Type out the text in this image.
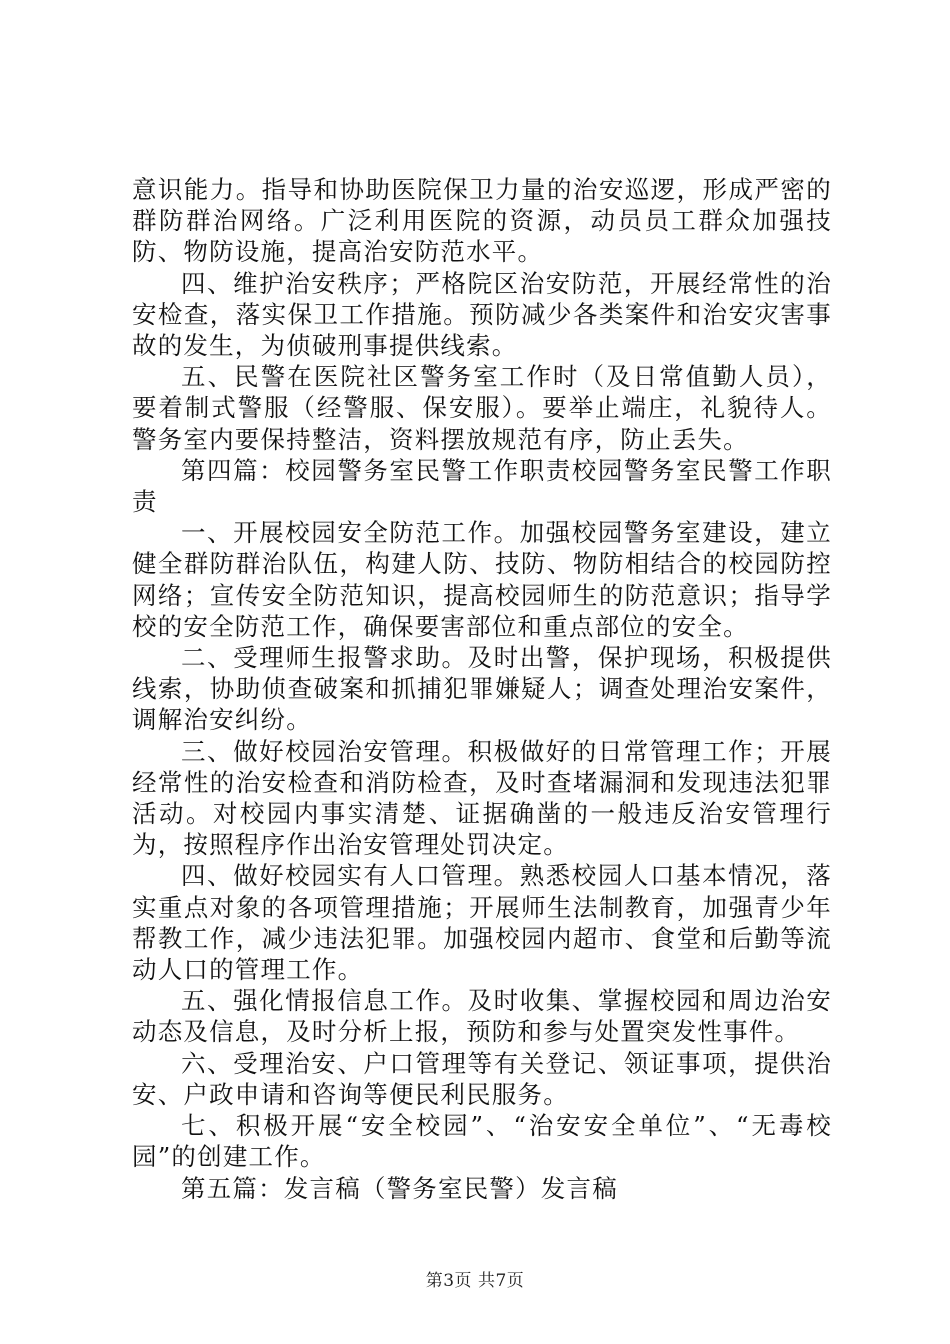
意识能力。指导和协助医院保卫力量的治安巡逻，形成严密的群防群治网络。广泛利用医院的资源，动员员工群众加强技防、物防设施，提高治安防范水平。

四、维护治安秩序；严格院区治安防范，开展经常性的治安检查，落实保卫工作措施。预防减少各类案件和治安灾害事故的发生，为侦破刑事提供线索。

五、民警在医院社区警务室工作时（及日常值勤人员），要着制式警服（经警服、保安服）。要举止端庄，礼貌待人。警务室内要保持整洁，资料摆放规范有序，防止丢失。

第四篇：校园警务室民警工作职责校园警务室民警工作职责

一、开展校园安全防范工作。加强校园警务室建设，建立健全群防群治队伍，构建人防、技防、物防相结合的校园防控网络；宣传安全防范知识，提高校园师生的防范意识；指导学校的安全防范工作，确保要害部位和重点部位的安全。

二、受理师生报警求助。及时出警，保护现场，积极提供线索，协助侦查破案和抓捕犯罪嫌疑人；调查处理治安案件，调解治安纠纷。

三、做好校园治安管理。积极做好的日常管理工作；开展经常性的治安检查和消防检查，及时查堵漏洞和发现违法犯罪活动。对校园内事实清楚、证据确凿的一般违反治安管理行为，按照程序作出治安管理处罚决定。

四、做好校园实有人口管理。熟悉校园人口基本情况，落实重点对象的各项管理措施；开展师生法制教育，加强青少年帮教工作，减少违法犯罪。加强校园内超市、食堂和后勤等流动人口的管理工作。

五、强化情报信息工作。及时收集、掌握校园和周边治安动态及信息，及时分析上报，预防和参与处置突发性事件。

六、受理治安、户口管理等有关登记、领证事项，提供治安、户政申请和咨询等便民利民服务。

七、积极开展“安全校园”、“治安安全单位”、“无毒校园”的创建工作。

第五篇：发言稿（警务室民警）发言稿

第3页 共7页
